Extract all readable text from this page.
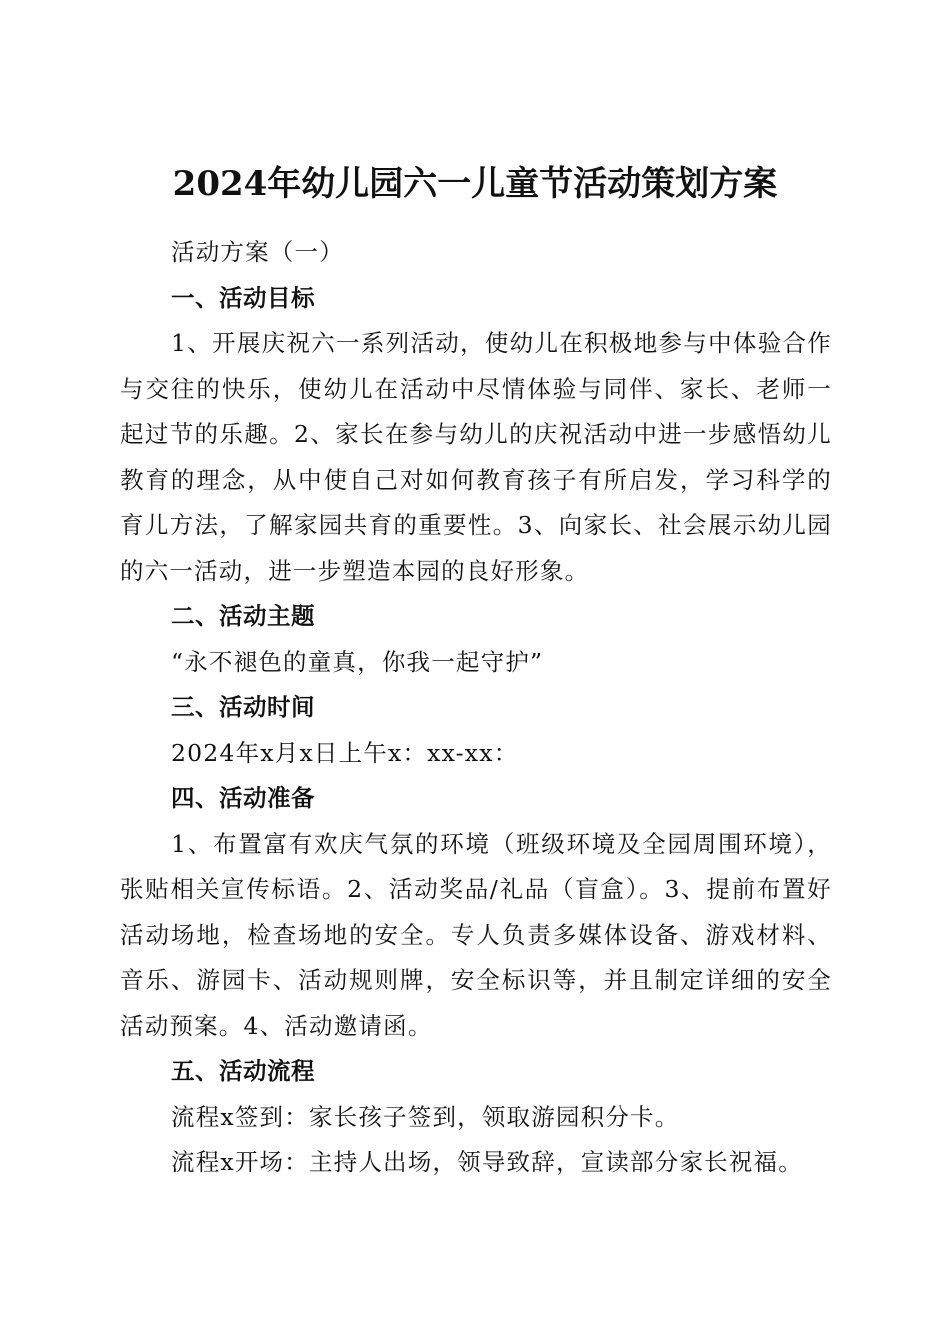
2024年幼儿园六一儿童节活动策划方案

活动方案（一）

一、活动目标

1、开展庆祝六一系列活动，使幼儿在积极地参与中体验合作与交往的快乐，使幼儿在活动中尽情体验与同伴、家长、老师一起过节的乐趣。2、家长在参与幼儿的庆祝活动中进一步感悟幼儿教育的理念，从中使自己对如何教育孩子有所启发，学习科学的育儿方法，了解家园共育的重要性。3、向家长、社会展示幼儿园的六一活动，进一步塑造本园的良好形象。

二、活动主题

“永不褪色的童真，你我一起守护”

三、活动时间

2024年x月x日上午x：xx-xx：

四、活动准备

1、布置富有欢庆气氛的环境（班级环境及全园周围环境），张贴相关宣传标语。2、活动奖品/礼品（盲盒）。3、提前布置好活动场地，检查场地的安全。专人负责多媒体设备、游戏材料、音乐、游园卡、活动规则牌，安全标识等，并且制定详细的安全活动预案。4、活动邀请函。

五、活动流程

流程x签到：家长孩子签到，领取游园积分卡。

流程x开场：主持人出场，领导致辞，宣读部分家长祝福。
